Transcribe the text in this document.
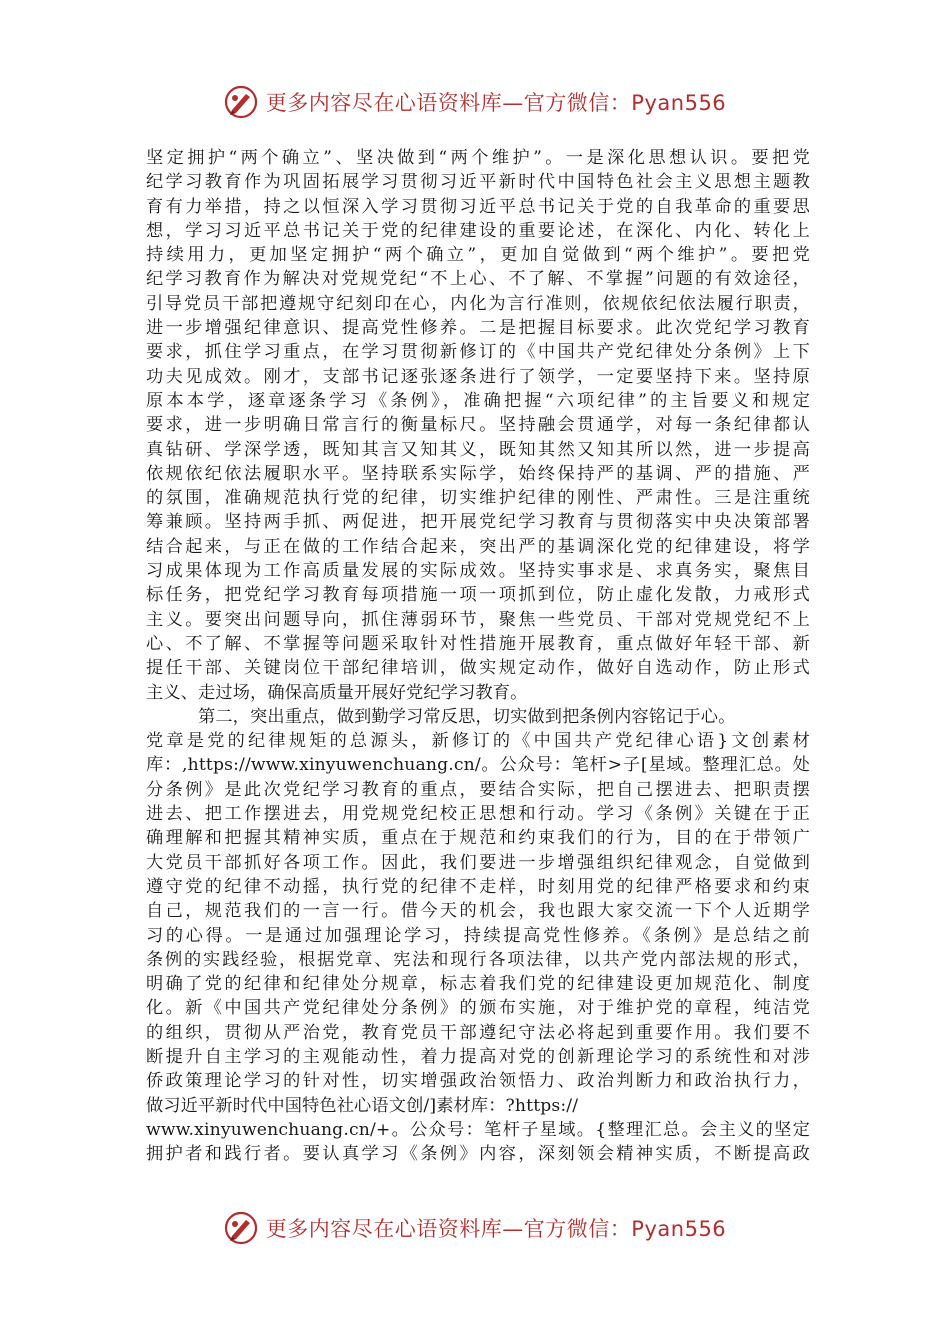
更多内容尽在心语资料库—官方微信：Pyan556
坚定拥护“两个确立”、坚决做到“两个维护”。一是深化思想认识。要把党
纪学习教育作为巩固拓展学习贯彻习近平新时代中国特色社会主义思想主题教
育有力举措，持之以恒深入学习贯彻习近平总书记关于党的自我革命的重要思
想，学习习近平总书记关于党的纪律建设的重要论述，在深化、内化、转化上
持续用力，更加坚定拥护“两个确立”，更加自觉做到“两个维护”。要把党
纪学习教育作为解决对党规党纪“不上心、不了解、不掌握”问题的有效途径，
引导党员干部把遵规守纪刻印在心，内化为言行准则，依规依纪依法履行职责，
进一步增强纪律意识、提高党性修养。二是把握目标要求。此次党纪学习教育
要求，抓住学习重点，在学习贯彻新修订的《中国共产党纪律处分条例》上下
功夫见成效。刚才，支部书记逐张逐条进行了领学，一定要坚持下来。坚持原
原本本学，逐章逐条学习《条例》，准确把握“六项纪律”的主旨要义和规定
要求，进一步明确日常言行的衡量标尺。坚持融会贯通学，对每一条纪律都认
真钻研、学深学透，既知其言又知其义，既知其然又知其所以然，进一步提高
依规依纪依法履职水平。坚持联系实际学，始终保持严的基调、严的措施、严
的氛围，准确规范执行党的纪律，切实维护纪律的刚性、严肃性。三是注重统
筹兼顾。坚持两手抓、两促进，把开展党纪学习教育与贯彻落实中央决策部署
结合起来，与正在做的工作结合起来，突出严的基调深化党的纪律建设，将学
习成果体现为工作高质量发展的实际成效。坚持实事求是、求真务实，聚焦目
标任务，把党纪学习教育每项措施一项一项抓到位，防止虚化发散，力戒形式
主义。要突出问题导向，抓住薄弱环节，聚焦一些党员、干部对党规党纪不上
心、不了解、不掌握等问题采取针对性措施开展教育，重点做好年轻干部、新
提任干部、关键岗位干部纪律培训，做实规定动作，做好自选动作，防止形式
主义、走过场，确保高质量开展好党纪学习教育。
第二，突出重点，做到勤学习常反思，切实做到把条例内容铭记于心。
党章是党的纪律规矩的总源头，新修订的《中国共产党纪律心语}文创素材
库：,https://www.xinyuwenchuang.cn/。公众号：笔杆>子[星域。整理汇总。处
分条例》是此次党纪学习教育的重点，要结合实际，把自己摆进去、把职责摆
进去、把工作摆进去，用党规党纪校正思想和行动。学习《条例》关键在于正
确理解和把握其精神实质，重点在于规范和约束我们的行为，目的在于带领广
大党员干部抓好各项工作。因此，我们要进一步增强组织纪律观念，自觉做到
遵守党的纪律不动摇，执行党的纪律不走样，时刻用党的纪律严格要求和约束
自己，规范我们的一言一行。借今天的机会，我也跟大家交流一下个人近期学
习的心得。一是通过加强理论学习，持续提高党性修养。《条例》是总结之前
条例的实践经验，根据党章、宪法和现行各项法律，以共产党内部法规的形式，
明确了党的纪律和纪律处分规章，标志着我们党的纪律建设更加规范化、制度
化。新《中国共产党纪律处分条例》的颁布实施，对于维护党的章程，纯洁党
的组织，贯彻从严治党，教育党员干部遵纪守法必将起到重要作用。我们要不
断提升自主学习的主观能动性，着力提高对党的创新理论学习的系统性和对涉
侨政策理论学习的针对性，切实增强政治领悟力、政治判断力和政治执行力，
做习近平新时代中国特色社心语文创/]素材库：?https://
www.xinyuwenchuang.cn/+。公众号：笔杆子星域。{整理汇总。会主义的坚定
拥护者和践行者。要认真学习《条例》内容，深刻领会精神实质，不断提高政
更多内容尽在心语资料库—官方微信：Pyan556
